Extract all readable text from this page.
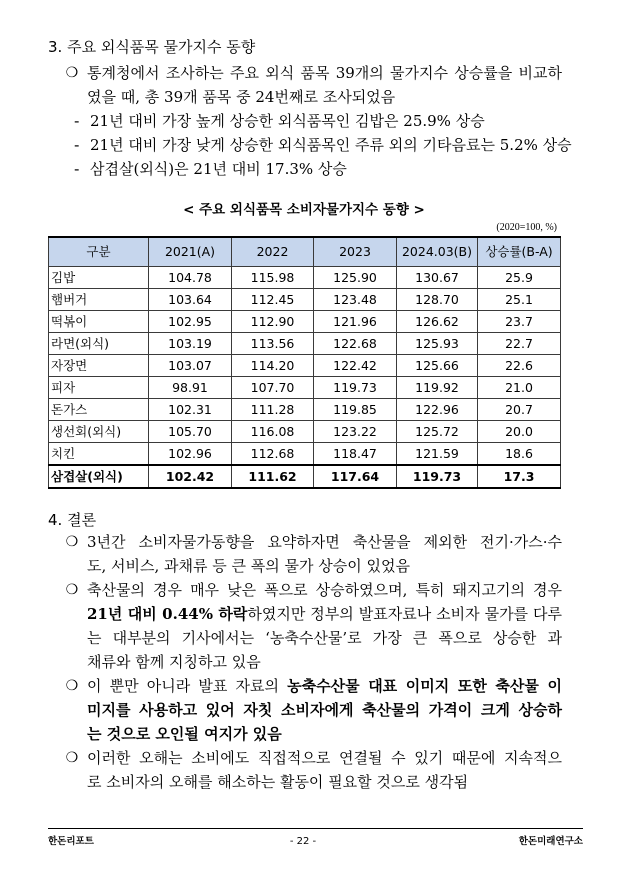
3. 주요 외식품목 물가지수 동향
❍ 통계청에서 조사하는 주요 외식 품목 39개의 물가지수 상승률을 비교하
였을 때, 총 39개 품목 중 24번째로 조사되었음
- 21년 대비 가장 높게 상승한 외식품목인 김밥은 25.9% 상승
- 21년 대비 가장 낮게 상승한 외식품목인 주류 외의 기타음료는 5.2% 상승
- 삼겹살(외식)은 21년 대비 17.3% 상승
< 주요 외식품목 소비자물가지수 동향 >
(2020=100, %)
구분	2021(A)	2022	2023	2024.03(B)	상승률(B-A)
김밥	104.78	115.98	125.90	130.67	25.9
햄버거	103.64	112.45	123.48	128.70	25.1
떡볶이	102.95	112.90	121.96	126.62	23.7
라면(외식)	103.19	113.56	122.68	125.93	22.7
자장면	103.07	114.20	122.42	125.66	22.6
피자	98.91	107.70	119.73	119.92	21.0
돈가스	102.31	111.28	119.85	122.96	20.7
생선회(외식)	105.70	116.08	123.22	125.72	20.0
치킨	102.96	112.68	118.47	121.59	18.6
삼겹살(외식)	102.42	111.62	117.64	119.73	17.3
4. 결론
❍ 3년간 소비자물가동향을 요약하자면 축산물을 제외한 전기·가스·수
도, 서비스, 과채류 등 큰 폭의 물가 상승이 있었음
❍ 축산물의 경우 매우 낮은 폭으로 상승하였으며, 특히 돼지고기의 경우
21년 대비 0.44% 하락하였지만 정부의 발표자료나 소비자 물가를 다루
는 대부분의 기사에서는 ‘농축수산물’로 가장 큰 폭으로 상승한 과
채류와 함께 지칭하고 있음
❍ 이 뿐만 아니라 발표 자료의 농축수산물 대표 이미지 또한 축산물 이
미지를 사용하고 있어 자칫 소비자에게 축산물의 가격이 크게 상승하
는 것으로 오인될 여지가 있음
❍ 이러한 오해는 소비에도 직접적으로 연결될 수 있기 때문에 지속적으
로 소비자의 오해를 해소하는 활동이 필요할 것으로 생각됨
한돈리포트	- 22 -	한돈미래연구소
